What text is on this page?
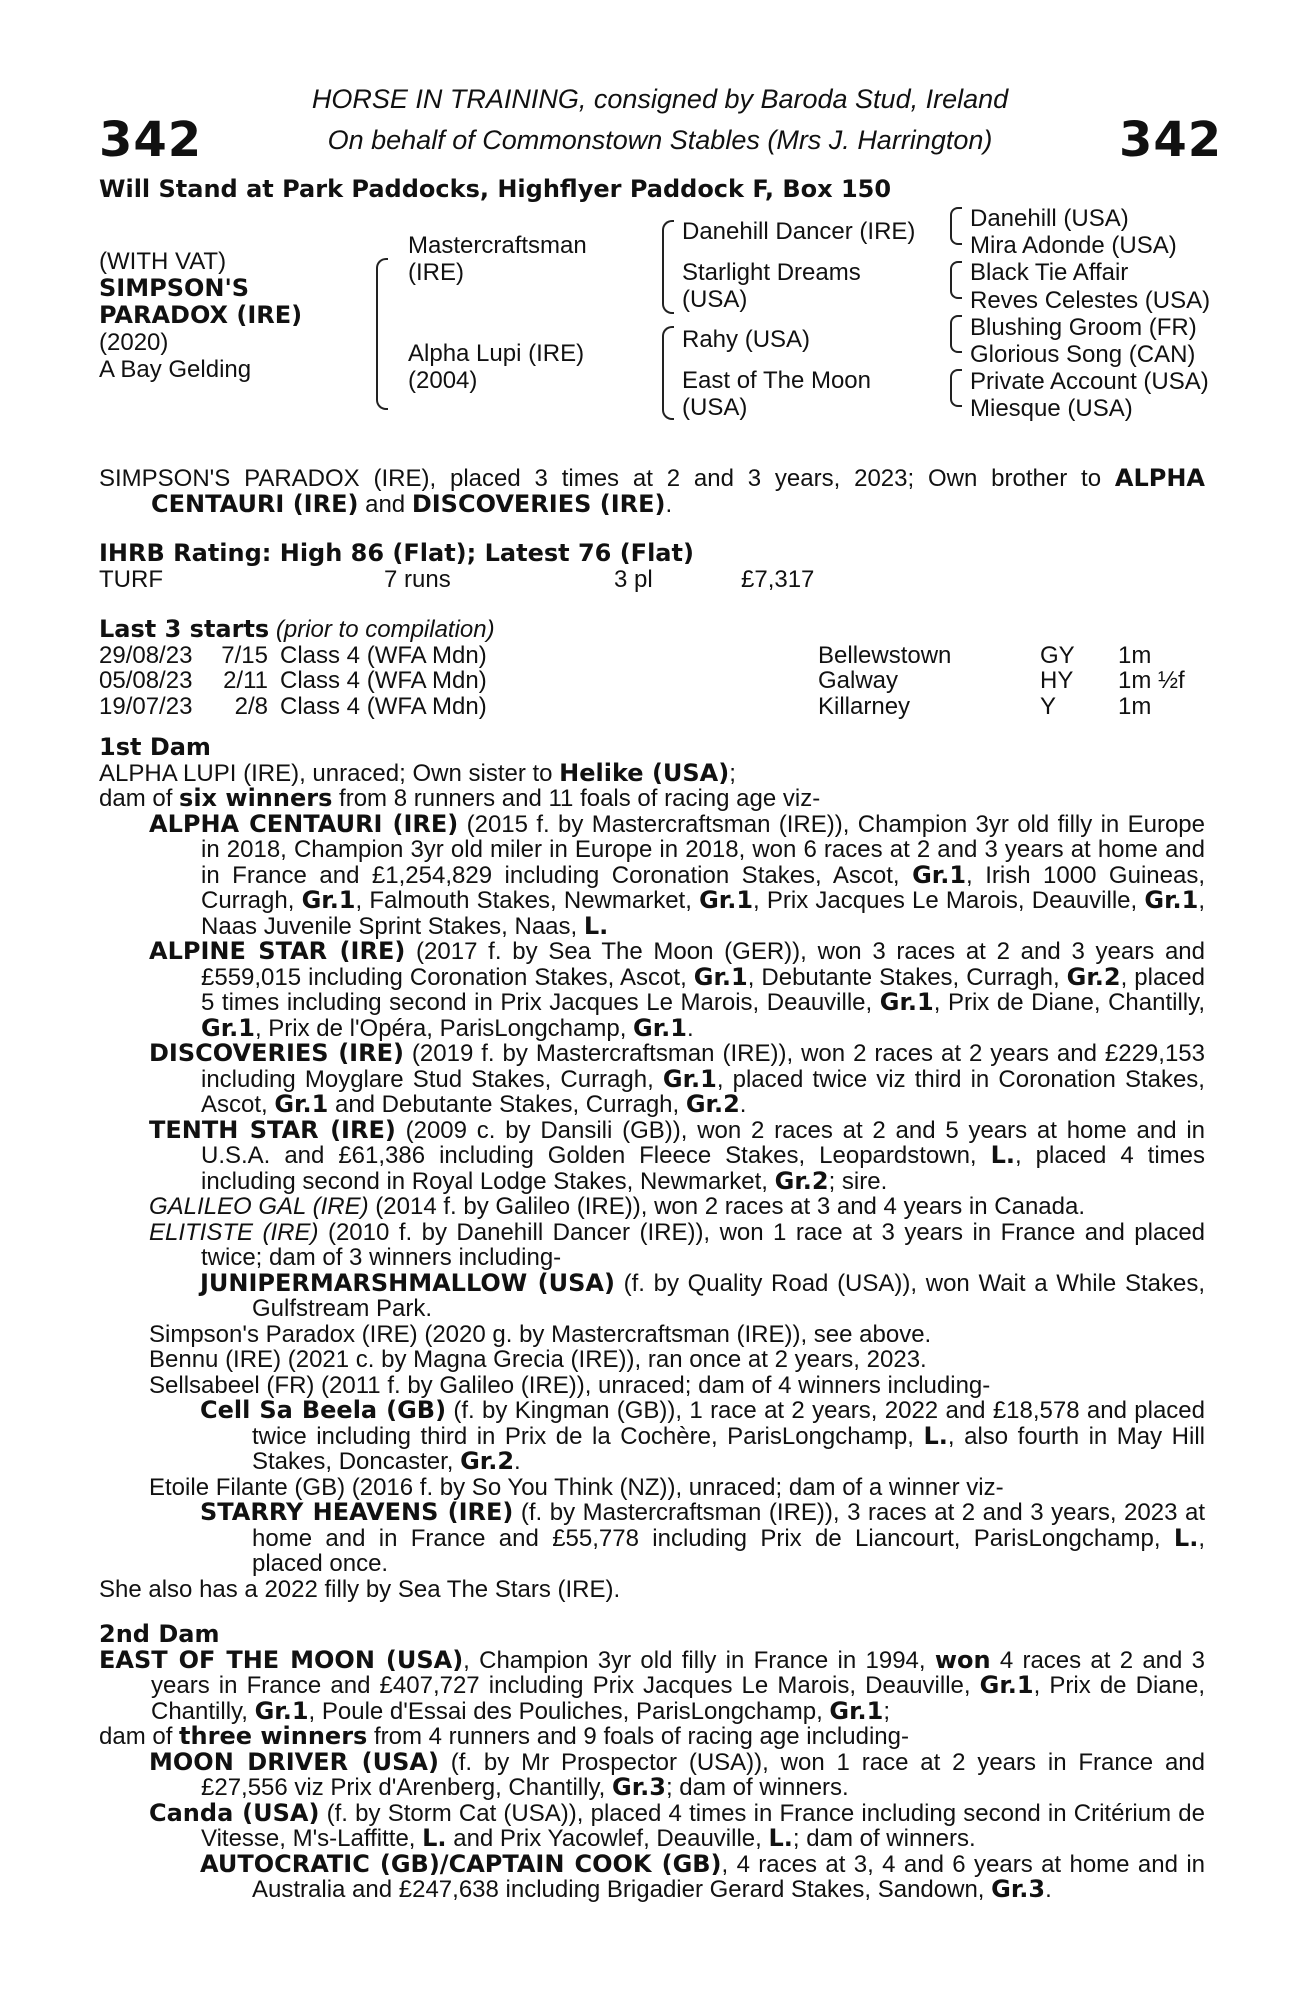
342	342
HORSE IN TRAINING, consigned by Baroda Stud, Ireland
On behalf of Commonstown Stables (Mrs J. Harrington)
Will Stand at Park Paddocks, Highflyer Paddock F, Box 150
(WITH VAT)
SIMPSON'S
PARADOX (IRE)
(2020)
A Bay Gelding
Mastercraftsman
(IRE)
Alpha Lupi (IRE)
(2004)
Danehill Dancer (IRE)
Starlight Dreams
(USA)
Rahy (USA)
East of The Moon
(USA)
Danehill (USA)
Mira Adonde (USA)
Black Tie Affair
Reves Celestes (USA)
Blushing Groom (FR)
Glorious Song (CAN)
Private Account (USA)
Miesque (USA)

SIMPSON'S PARADOX (IRE), placed 3 times at 2 and 3 years, 2023; Own brother to ALPHA CENTAURI (IRE) and DISCOVERIES (IRE).

IHRB Rating: High 86 (Flat); Latest 76 (Flat)

TURF	7 runs	3 pl	£7,317

Last 3 starts (prior to compilation)

29/08/23	7/15 Class 4 (WFA Mdn)	Bellewstown	GY	1m

05/08/23	2/11 Class 4 (WFA Mdn)	Galway	HY	1m ½f

19/07/23	2/8 Class 4 (WFA Mdn)	Killarney	Y	1m

1st Dam

ALPHA LUPI (IRE), unraced; Own sister to Helike (USA);

dam of six winners from 8 runners and 11 foals of racing age viz-

ALPHA CENTAURI (IRE) (2015 f. by Mastercraftsman (IRE)), Champion 3yr old filly in Europe in 2018, Champion 3yr old miler in Europe in 2018, won 6 races at 2 and 3 years at home and in France and £1,254,829 including Coronation Stakes, Ascot, Gr.1, Irish 1000 Guineas, Curragh, Gr.1, Falmouth Stakes, Newmarket, Gr.1, Prix Jacques Le Marois, Deauville, Gr.1, Naas Juvenile Sprint Stakes, Naas, L.

ALPINE STAR (IRE) (2017 f. by Sea The Moon (GER)), won 3 races at 2 and 3 years and £559,015 including Coronation Stakes, Ascot, Gr.1, Debutante Stakes, Curragh, Gr.2, placed 5 times including second in Prix Jacques Le Marois, Deauville, Gr.1, Prix de Diane, Chantilly, Gr.1, Prix de l'Opéra, ParisLongchamp, Gr.1.

DISCOVERIES (IRE) (2019 f. by Mastercraftsman (IRE)), won 2 races at 2 years and £229,153 including Moyglare Stud Stakes, Curragh, Gr.1, placed twice viz third in Coronation Stakes, Ascot, Gr.1 and Debutante Stakes, Curragh, Gr.2.

TENTH STAR (IRE) (2009 c. by Dansili (GB)), won 2 races at 2 and 5 years at home and in U.S.A. and £61,386 including Golden Fleece Stakes, Leopardstown, L., placed 4 times including second in Royal Lodge Stakes, Newmarket, Gr.2; sire.

GALILEO GAL (IRE) (2014 f. by Galileo (IRE)), won 2 races at 3 and 4 years in Canada.

ELITISTE (IRE) (2010 f. by Danehill Dancer (IRE)), won 1 race at 3 years in France and placed twice; dam of 3 winners including-

JUNIPERMARSHMALLOW (USA) (f. by Quality Road (USA)), won Wait a While Stakes, Gulfstream Park.

Simpson's Paradox (IRE) (2020 g. by Mastercraftsman (IRE)), see above.

Bennu (IRE) (2021 c. by Magna Grecia (IRE)), ran once at 2 years, 2023.

Sellsabeel (FR) (2011 f. by Galileo (IRE)), unraced; dam of 4 winners including-

Cell Sa Beela (GB) (f. by Kingman (GB)), 1 race at 2 years, 2022 and £18,578 and placed twice including third in Prix de la Cochère, ParisLongchamp, L., also fourth in May Hill Stakes, Doncaster, Gr.2.

Etoile Filante (GB) (2016 f. by So You Think (NZ)), unraced; dam of a winner viz-

STARRY HEAVENS (IRE) (f. by Mastercraftsman (IRE)), 3 races at 2 and 3 years, 2023 at home and in France and £55,778 including Prix de Liancourt, ParisLongchamp, L., placed once.

She also has a 2022 filly by Sea The Stars (IRE).

2nd Dam

EAST OF THE MOON (USA), Champion 3yr old filly in France in 1994, won 4 races at 2 and 3 years in France and £407,727 including Prix Jacques Le Marois, Deauville, Gr.1, Prix de Diane, Chantilly, Gr.1, Poule d'Essai des Pouliches, ParisLongchamp, Gr.1;

dam of three winners from 4 runners and 9 foals of racing age including-

MOON DRIVER (USA) (f. by Mr Prospector (USA)), won 1 race at 2 years in France and £27,556 viz Prix d'Arenberg, Chantilly, Gr.3; dam of winners.

Canda (USA) (f. by Storm Cat (USA)), placed 4 times in France including second in Critérium de Vitesse, M's-Laffitte, L. and Prix Yacowlef, Deauville, L.; dam of winners.

AUTOCRATIC (GB)/CAPTAIN COOK (GB), 4 races at 3, 4 and 6 years at home and in Australia and £247,638 including Brigadier Gerard Stakes, Sandown, Gr.3.
